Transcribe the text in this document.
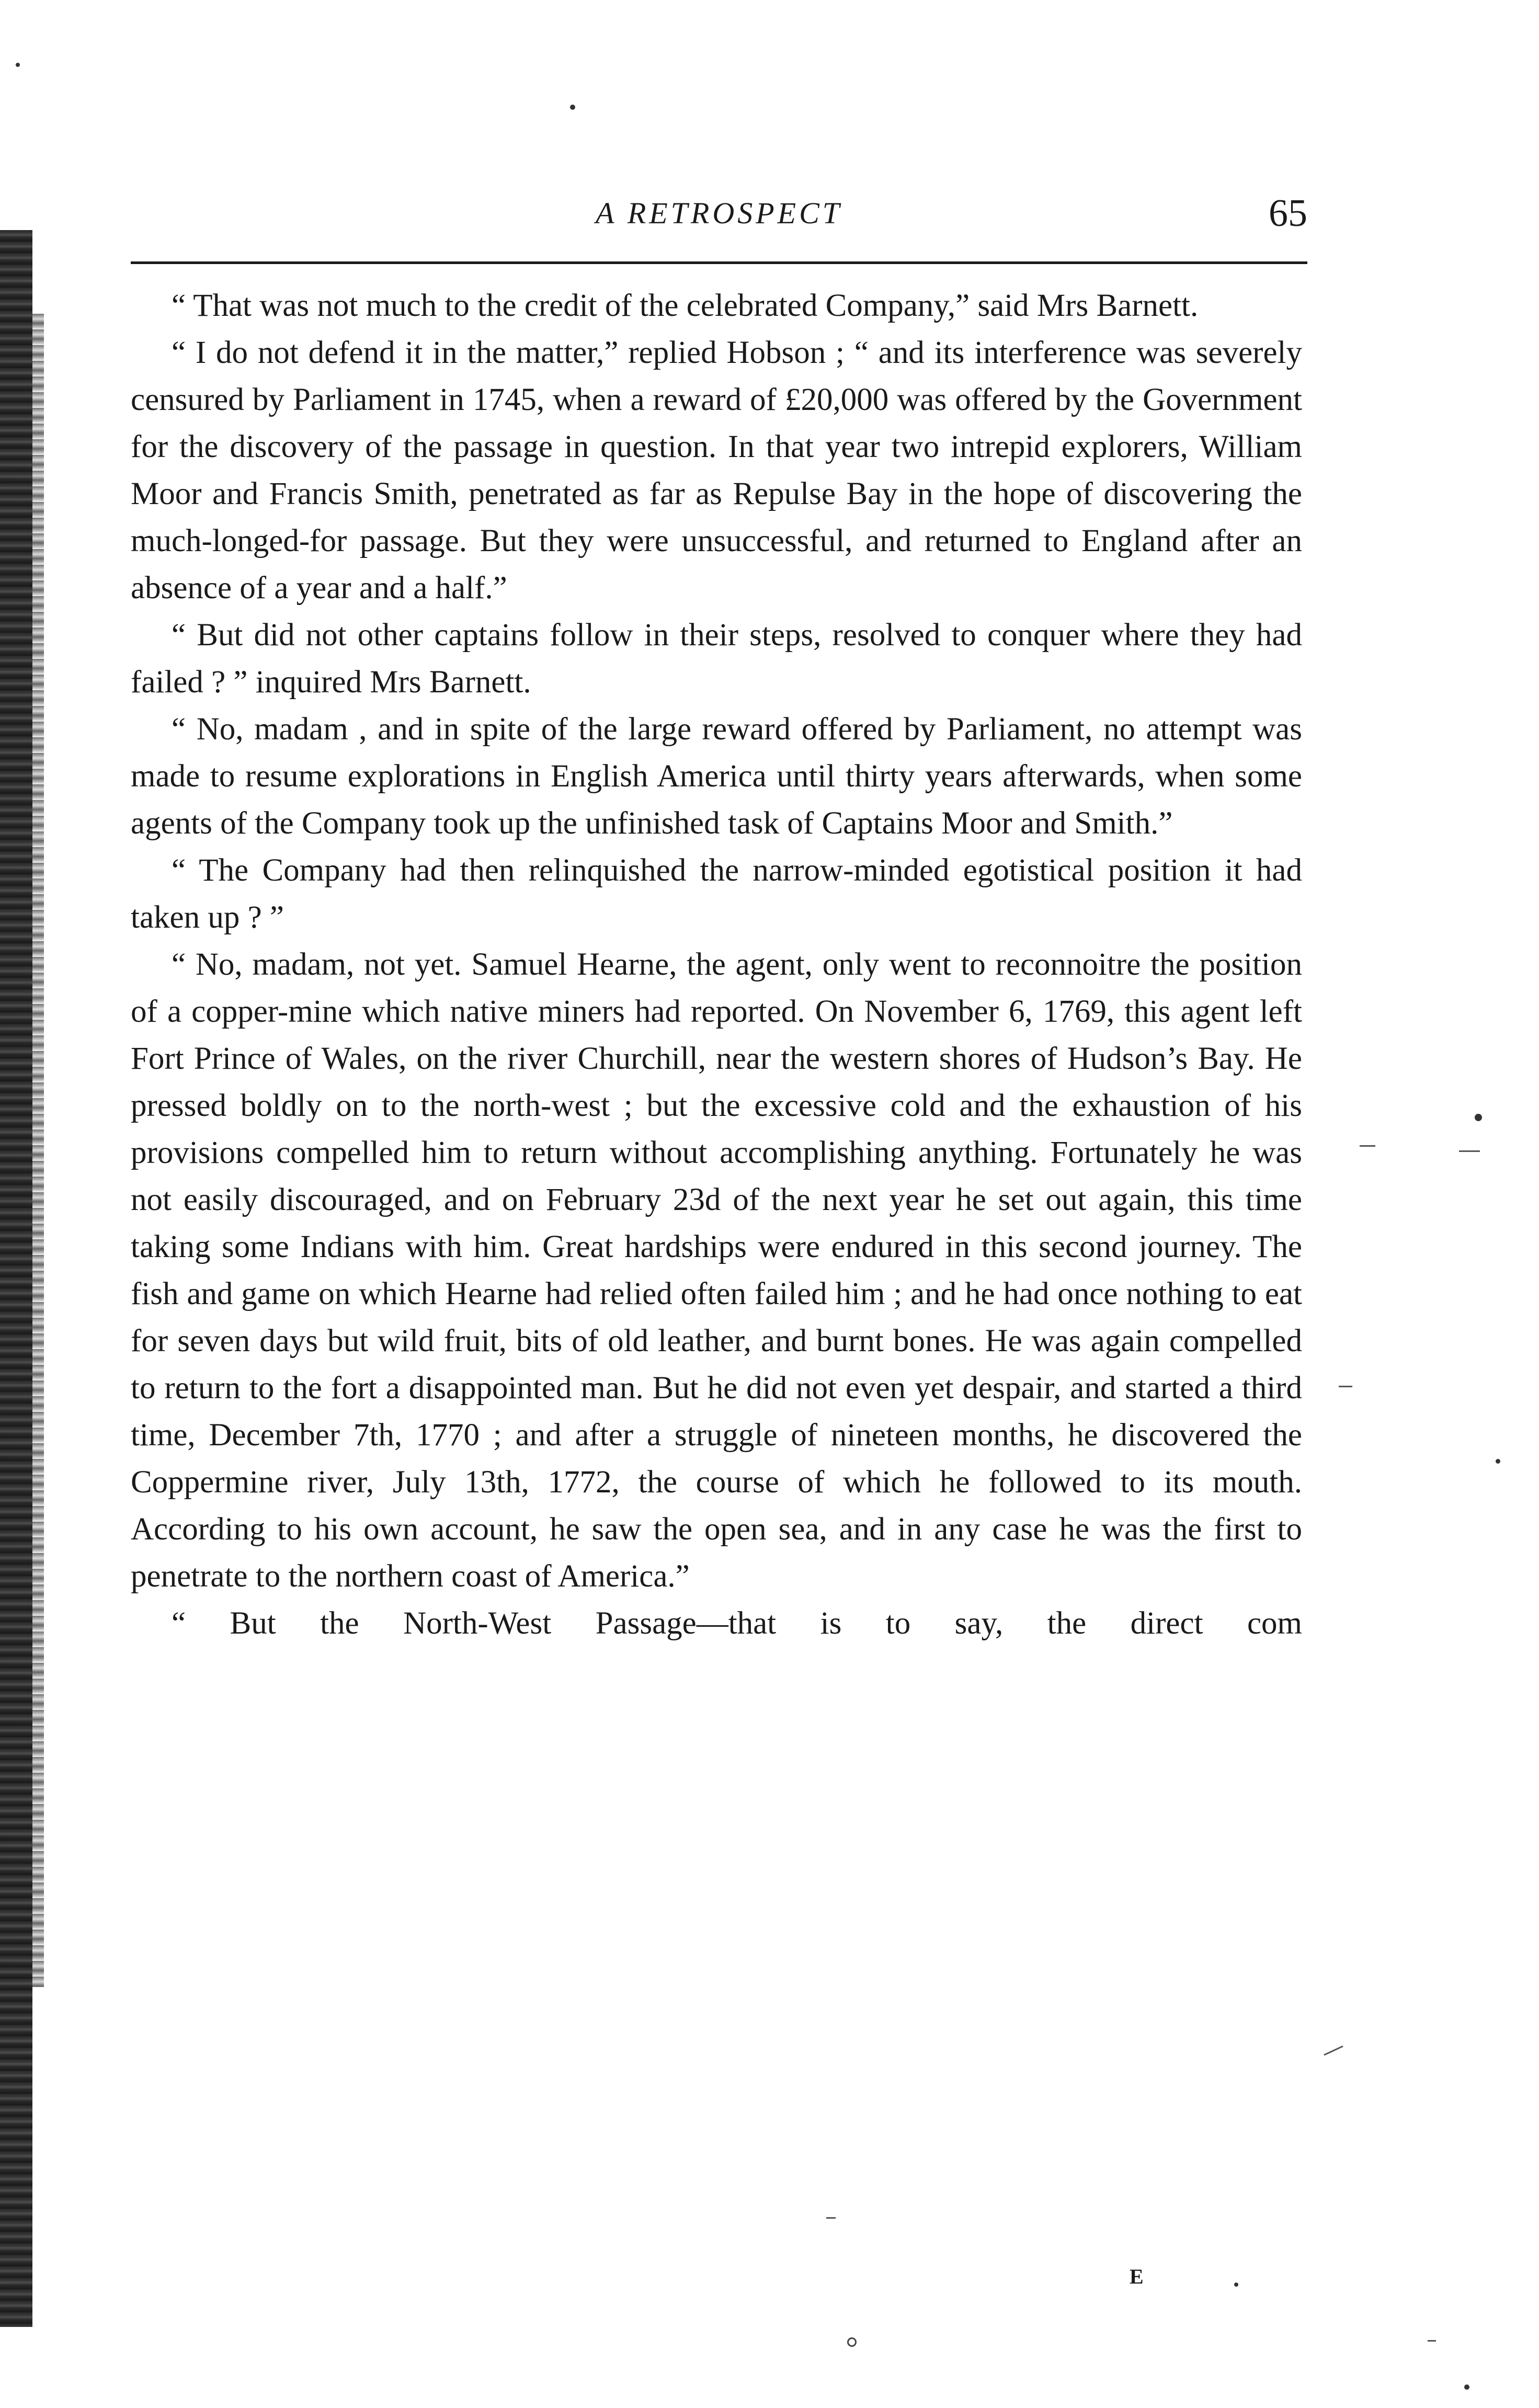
A RETROSPECT	65

“ That was not much to the credit of the celebrated Company,” said Mrs Barnett.

“ I do not defend it in the matter,” replied Hobson ; “ and its interference was severely censured by Parliament in 1745, when a reward of £20,000 was offered by the Government for the discovery of the passage in question. In that year two intrepid explorers, William Moor and Francis Smith, penetrated as far as Repulse Bay in the hope of discovering the much-longed-for passage. But they were unsuccessful, and returned to England after an absence of a year and a half.”

“ But did not other captains follow in their steps, resolved to conquer where they had failed ? ” inquired Mrs Barnett.

“ No, madam , and in spite of the large reward offered by Parliament, no attempt was made to resume explorations in English America until thirty years afterwards, when some agents of the Company took up the unfinished task of Captains Moor and Smith.”

“ The Company had then relinquished the narrow-minded egotistical position it had taken up ? ”

“ No, madam, not yet. Samuel Hearne, the agent, only went to reconnoitre the position of a copper-mine which native miners had reported. On November 6, 1769, this agent left Fort Prince of Wales, on the river Churchill, near the western shores of Hudson’s Bay. He pressed boldly on to the north-west ; but the excessive cold and the exhaustion of his provisions compelled him to return without accomplishing anything. Fortunately he was not easily discouraged, and on February 23d of the next year he set out again, this time taking some Indians with him. Great hardships were endured in this second journey. The fish and game on which Hearne had relied often failed him ; and he had once nothing to eat for seven days but wild fruit, bits of old leather, and burnt bones. He was again compelled to return to the fort a disappointed man. But he did not even yet despair, and started a third time, December 7th, 1770 ; and after a struggle of nineteen months, he discovered the Coppermine river, July 13th, 1772, the course of which he followed to its mouth. According to his own account, he saw the open sea, and in any case he was the first to penetrate to the northern coast of America.”

“ But the North-West Passage—that is to say, the direct com

E
